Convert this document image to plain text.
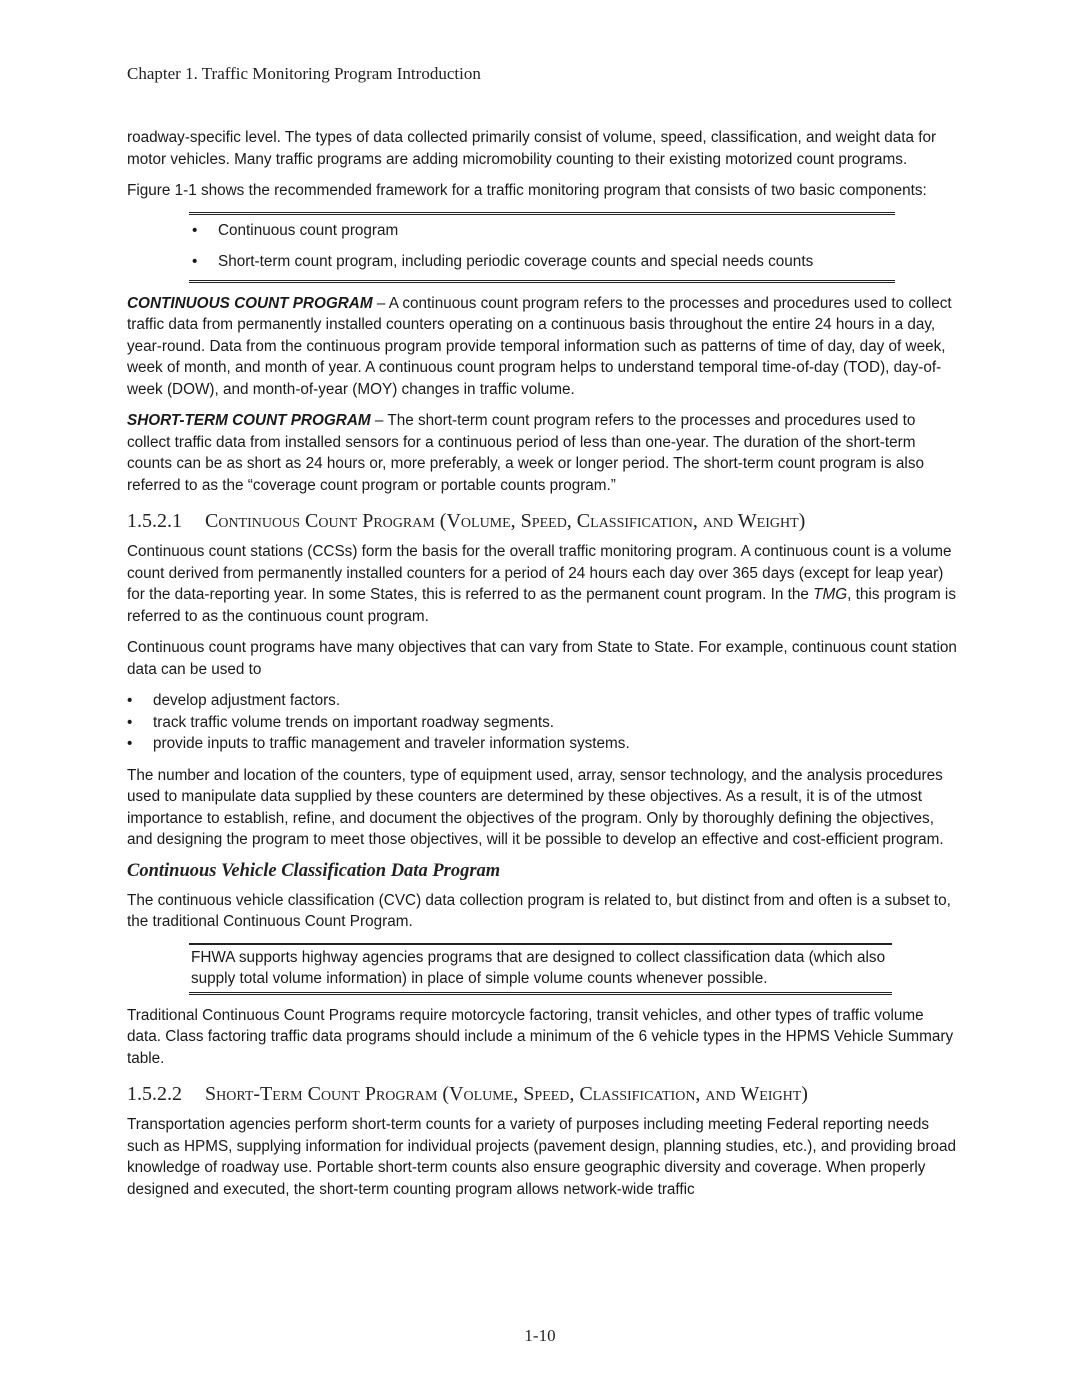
Chapter 1. Traffic Monitoring Program Introduction

roadway-specific level. The types of data collected primarily consist of volume, speed, classification, and weight data for motor vehicles. Many traffic programs are adding micromobility counting to their existing motorized count programs.

Figure 1-1 shows the recommended framework for a traffic monitoring program that consists of two basic components:

• Continuous count program
• Short-term count program, including periodic coverage counts and special needs counts

CONTINUOUS COUNT PROGRAM – A continuous count program refers to the processes and procedures used to collect traffic data from permanently installed counters operating on a continuous basis throughout the entire 24 hours in a day, year-round. Data from the continuous program provide temporal information such as patterns of time of day, day of week, week of month, and month of year. A continuous count program helps to understand temporal time-of-day (TOD), day-of-week (DOW), and month-of-year (MOY) changes in traffic volume.

SHORT-TERM COUNT PROGRAM – The short-term count program refers to the processes and procedures used to collect traffic data from installed sensors for a continuous period of less than one-year. The duration of the short-term counts can be as short as 24 hours or, more preferably, a week or longer period. The short-term count program is also referred to as the “coverage count program or portable counts program.”

1.5.2.1 Continuous Count Program (Volume, Speed, Classification, and Weight)

Continuous count stations (CCSs) form the basis for the overall traffic monitoring program. A continuous count is a volume count derived from permanently installed counters for a period of 24 hours each day over 365 days (except for leap year) for the data-reporting year. In some States, this is referred to as the permanent count program. In the TMG, this program is referred to as the continuous count program.

Continuous count programs have many objectives that can vary from State to State. For example, continuous count station data can be used to

• develop adjustment factors.
• track traffic volume trends on important roadway segments.
• provide inputs to traffic management and traveler information systems.

The number and location of the counters, type of equipment used, array, sensor technology, and the analysis procedures used to manipulate data supplied by these counters are determined by these objectives. As a result, it is of the utmost importance to establish, refine, and document the objectives of the program. Only by thoroughly defining the objectives, and designing the program to meet those objectives, will it be possible to develop an effective and cost-efficient program.

Continuous Vehicle Classification Data Program

The continuous vehicle classification (CVC) data collection program is related to, but distinct from and often is a subset to, the traditional Continuous Count Program.

FHWA supports highway agencies programs that are designed to collect classification data (which also supply total volume information) in place of simple volume counts whenever possible.

Traditional Continuous Count Programs require motorcycle factoring, transit vehicles, and other types of traffic volume data. Class factoring traffic data programs should include a minimum of the 6 vehicle types in the HPMS Vehicle Summary table.

1.5.2.2 Short-Term Count Program (Volume, Speed, Classification, and Weight)

Transportation agencies perform short-term counts for a variety of purposes including meeting Federal reporting needs such as HPMS, supplying information for individual projects (pavement design, planning studies, etc.), and providing broad knowledge of roadway use. Portable short-term counts also ensure geographic diversity and coverage. When properly designed and executed, the short-term counting program allows network-wide traffic

1-10
